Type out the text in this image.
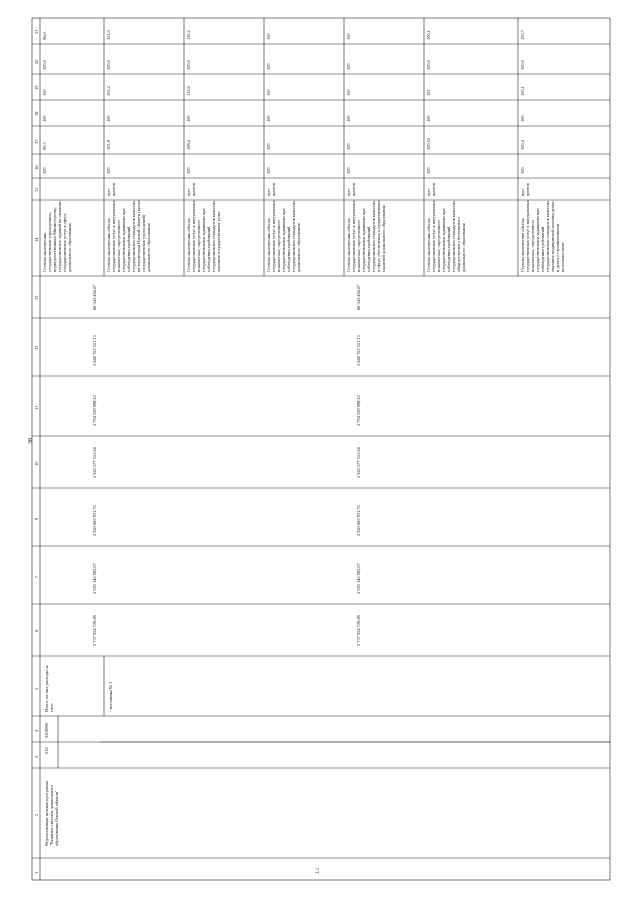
38
1
2
3
4
5
6
7
8
10
11
12
13
14
15
16
17
18
19
20
21
3.1
Ведомственная целевая программа "Развитие системы дошкольного образования Омской области"
015
0208000
Итого, из них расходы за счет:	- источника № 1
5 737 954 729,96
5 593 140 983,07
2 943 695 831,73
2 943 577 551,94
2 794 238 898,23
2 649 702 551,13
68 343 436,07
5 737 954 729,96
5 593 140 983,07
2 943 695 831,73
2 943 577 551,94
2 794 238 898,23
2 649 702 551,13
68 343 436,07
Степень выполнения государственным учреждением, подведомственным Министерству, государственных заданий на оказание государственных услуг в сфере дошкольного образования
100
99,5
100
100
100,0
96,0
Степень выполнения объема государственных услуг в натуральных показателях, определенного государственными заданиями при соблюдении требований государственных стандартов качества на территории Омской области (кроме государственных учреждений) дошкольного образования
про-центов
100
101,8
100
102,2
100,0
101,0
Степень выполнения объема государственных услуг в натуральных показателях, определенного государственными заданиями при соблюдении требований государственных стандартов качества оказания государственных услуг
про-центов
100
108,4
100
115,6
100,0
110,2
Степень выполнения объема государственных услуг в натуральных показателях, определенного государственными заданиями при соблюдении требований государственных стандартов качества дошкольного образования
про-центов
100
100
100
100
100
100
Степень выполнения объема государственных услуг в натуральных показателях, определенного государственными заданиями при соблюдении требований государственных стандартов качества в сфере обеспечения государственных гарантий дошкольного образования
про-центов
100
100
100
100
100
100
Степень выполнения объема государственных услуг в натуральных показателях, определенного государственными заданиями при соблюдении требований государственных стандартов качества общедоступного бесплатного дошкольного образования
про-центов
100
100,55
100
101
100,0
100,1
Степень выполнения объема государственных услуг в натуральных показателях, определенного государственными заданиями при соблюдении требований государственных стандартов качества оказания медицинской помощи детям и детям с ограниченными возможностями
про-центов
100
100,4
100
100,1
100,0
100,7
